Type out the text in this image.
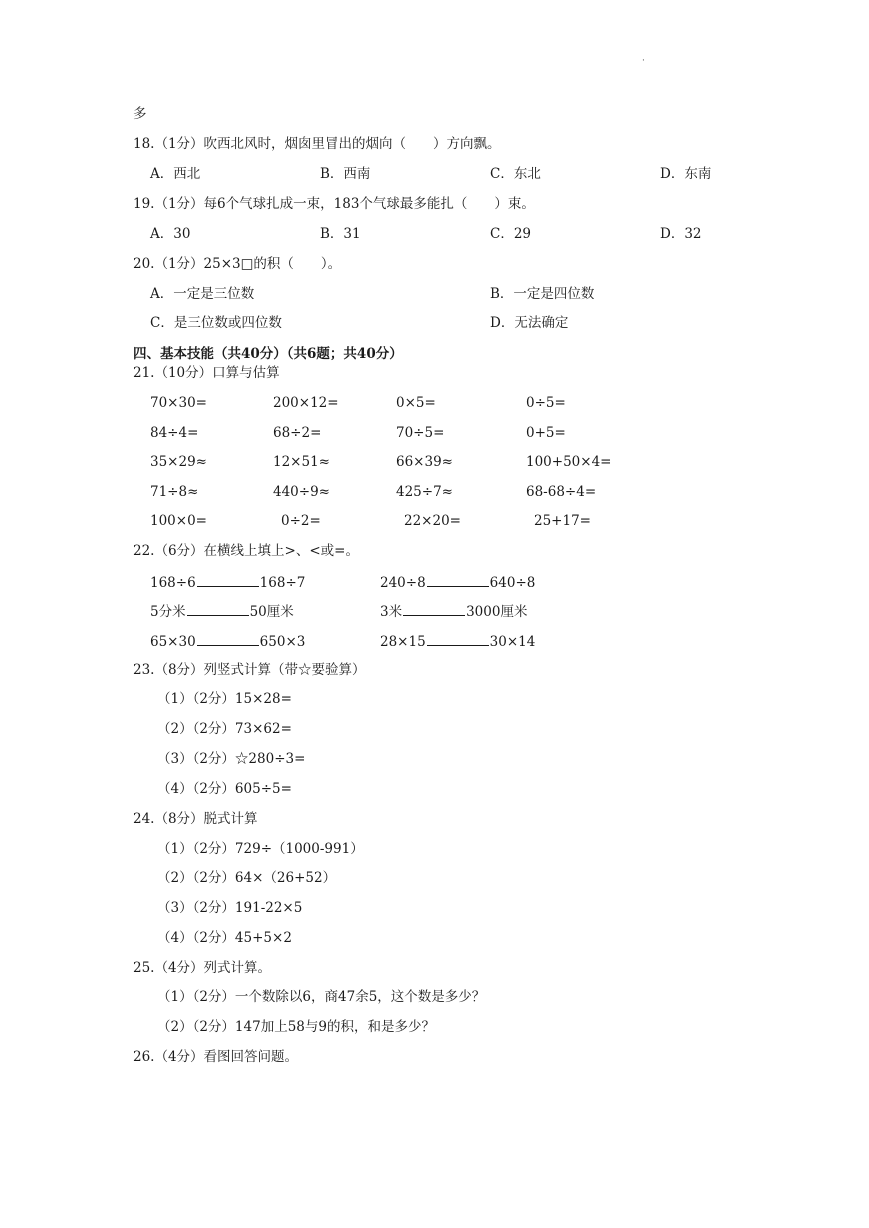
·
多
18.（1分）吹西北风时，烟囱里冒出的烟向（　　）方向飘。
A．西北	B．西南	C．东北	D．东南
19.（1分）每6个气球扎成一束，183个气球最多能扎（　　）束。
A．30	B．31	C．29	D．32
20.（1分）25×3□的积（　　）。
A．一定是三位数	B．一定是四位数
C．是三位数或四位数	D．无法确定
四、基本技能（共40分）（共6题；共40分）
21.（10分）口算与估算
70×30=	200×12=	0×5=	0÷5=
84÷4=	68÷2=	70÷5=	0+5=
35×29≈	12×51≈	66×39≈	100+50×4=
71÷8≈	440÷9≈	425÷7≈	68-68÷4=
100×0=	0÷2=	22×20=	25+17=
22.（6分）在横线上填上>、<或=。
168÷6	168÷7	240÷8	640÷8
5分米	50厘米	3米	3000厘米
65×30	650×3	28×15	30×14
23.（8分）列竖式计算（带☆要验算）
（1）（2分）15×28=
（2）（2分）73×62=
（3）（2分）☆280÷3=
（4）（2分）605÷5=
24.（8分）脱式计算
（1）（2分）729÷（1000-991）
（2）（2分）64×（26+52）
（3）（2分）191-22×5
（4）（2分）45+5×2
25.（4分）列式计算。
（1）（2分）一个数除以6，商47余5，这个数是多少？
（2）（2分）147加上58与9的积，和是多少？
26.（4分）看图回答问题。
